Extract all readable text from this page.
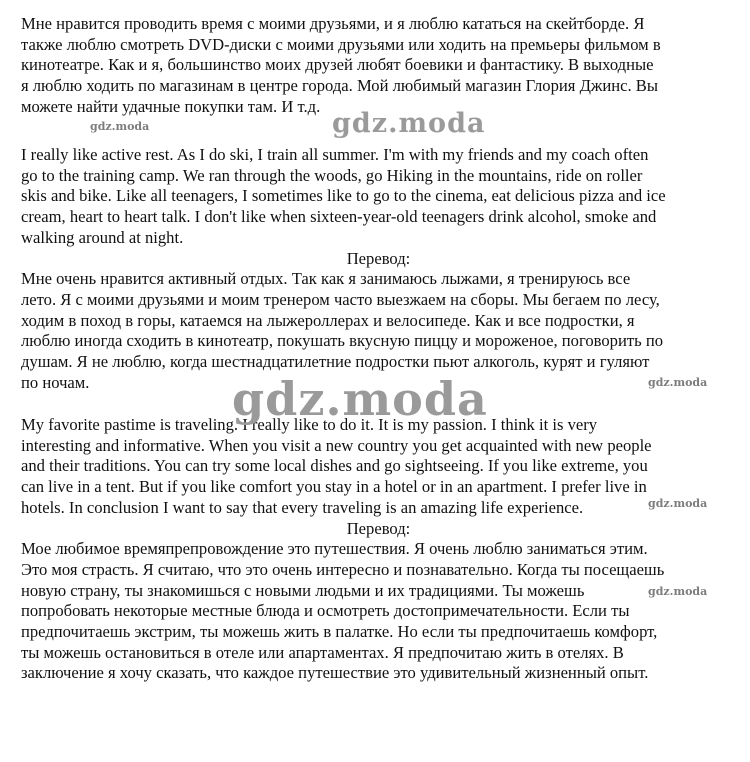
Мне нравится проводить время с моими друзьями, и я люблю кататься на скейтборде. Я

также люблю смотреть DVD-диски с моими друзьями или ходить на премьеры фильмом в

кинотеатре. Как и я, большинство моих друзей любят боевики и фантастику. В выходные

я люблю ходить по магазинам в центре города. Мой любимый магазин Глория Джинс. Вы

можете найти удачные покупки там. И т.д.

I really like active rest. As I do ski, I train all summer. I'm with my friends and my coach often

go to the training camp. We ran through the woods, go Hiking in the mountains, ride on roller

skis and bike. Like all teenagers, I sometimes like to go to the cinema, eat delicious pizza and ice

cream, heart to heart talk. I don't like when sixteen-year-old teenagers drink alcohol, smoke and

walking around at night.

Перевод:

Мне очень нравится активный отдых. Так как я занимаюсь лыжами, я тренируюсь все

лето. Я с моими друзьями и моим тренером часто выезжаем на сборы. Мы бегаем по лесу,

ходим в поход в горы, катаемся на лыжероллерах и велосипеде. Как и все подростки, я

люблю иногда сходить в кинотеатр, покушать вкусную пиццу и мороженое, поговорить по

душам. Я не люблю, когда шестнадцатилетние подростки пьют алкоголь, курят и гуляют

по ночам.

My favorite pastime is traveling. I really like to do it. It is my passion. I think it is very

interesting and informative. When you visit a new country you get acquainted with new people

and their traditions. You can try some local dishes and go sightseeing. If you like extreme, you

can live in a tent. But if you like comfort you stay in a hotel or in an apartment. I prefer live in

hotels. In conclusion I want to say that every traveling is an amazing life experience.

Перевод:

Мое любимое времяпрепровождение это путешествия. Я очень люблю заниматься этим.

Это моя страсть. Я считаю, что это очень интересно и познавательно. Когда ты посещаешь

новую страну, ты знакомишься с новыми людьми и их традициями. Ты можешь

попробовать некоторые местные блюда и осмотреть достопримечательности. Если ты

предпочитаешь экстрим, ты можешь жить в палатке. Но если ты предпочитаешь комфорт,

ты можешь остановиться в отеле или апартаментах. Я предпочитаю жить в отелях. В

заключение я хочу сказать, что каждое путешествие это удивительный жизненный опыт.

gdz.moda
gdz.moda
gdz.moda	gdz.moda
gdz.moda
gdz.moda
